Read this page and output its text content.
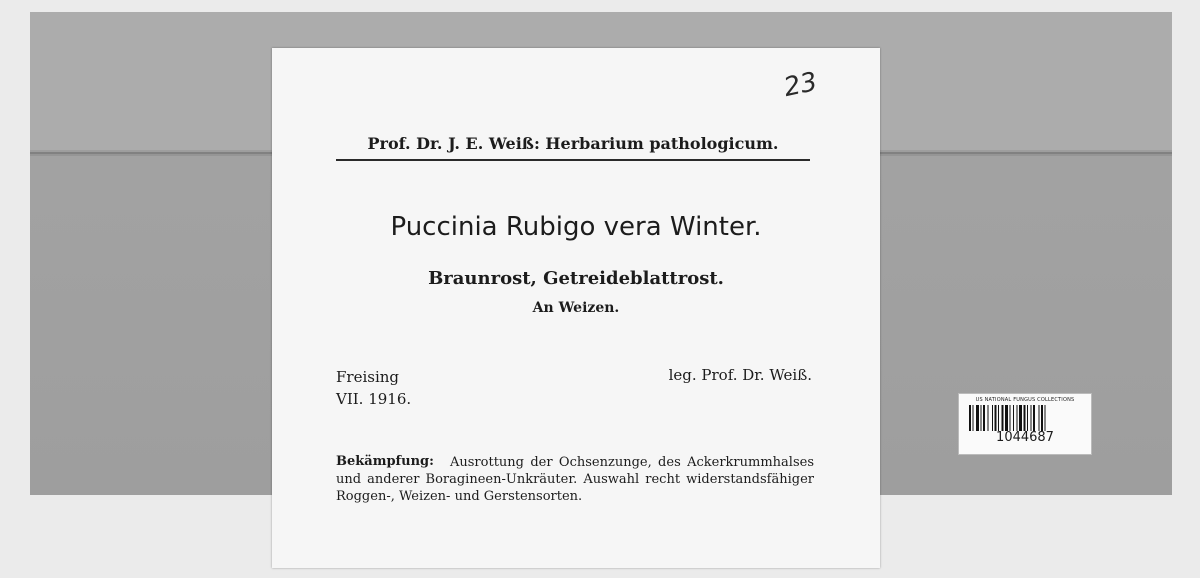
23
Prof. Dr. J. E. Weiß: Herbarium pathologicum.
Puccinia Rubigo vera Winter.
Braunrost, Getreideblattrost.
An Weizen.
Freising
VII. 1916.
leg. Prof. Dr. Weiß.
Bekämpfung:	Ausrottung der Ochsenzunge, des Ackerkrummhalses und anderer Boragineen-Unkräuter. Auswahl recht widerstandsfähiger Roggen-, Weizen- und Gerstensorten.
US NATIONAL FUNGUS COLLECTIONS
1044687
